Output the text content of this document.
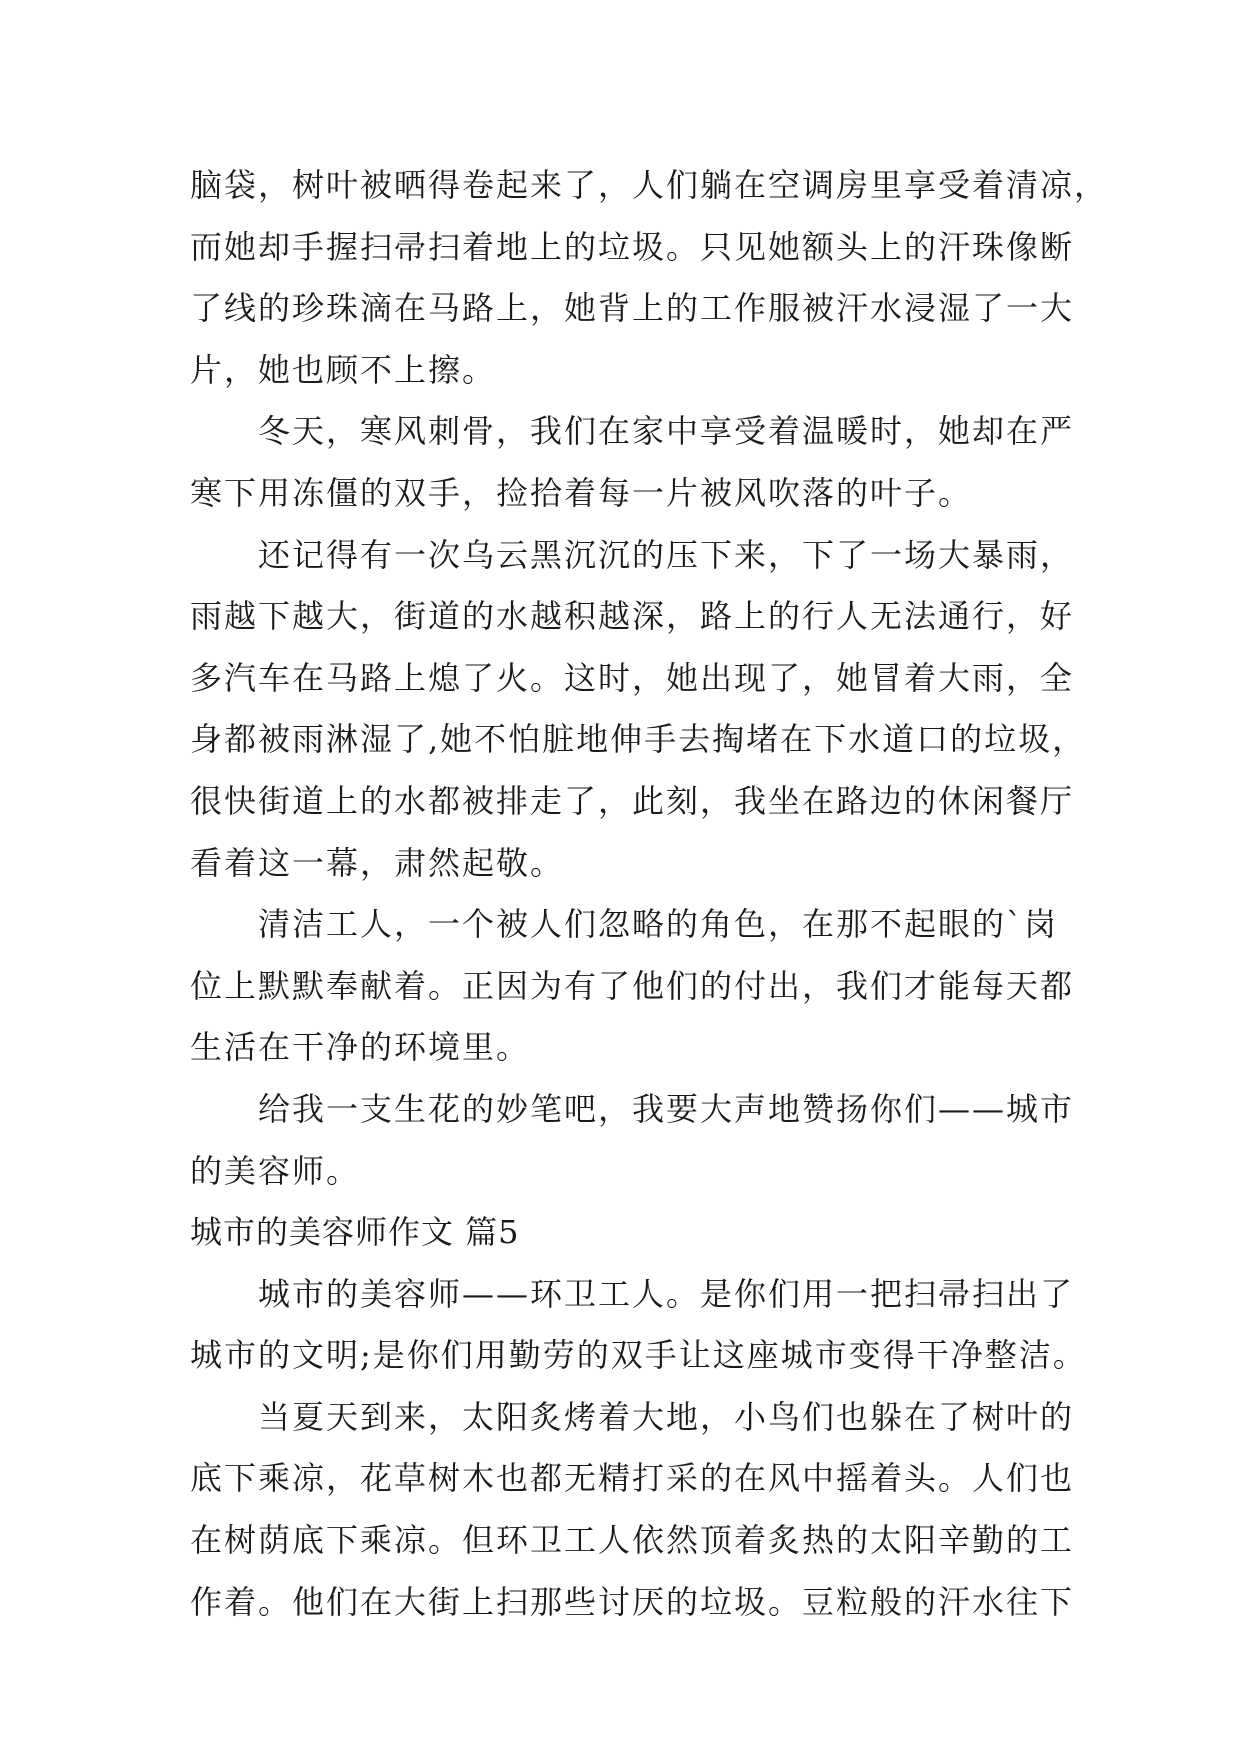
脑袋，树叶被晒得卷起来了，人们躺在空调房里享受着清凉，
而她却手握扫帚扫着地上的垃圾。只见她额头上的汗珠像断
了线的珍珠滴在马路上，她背上的工作服被汗水浸湿了一大
片，她也顾不上擦。
冬天，寒风刺骨，我们在家中享受着温暖时，她却在严
寒下用冻僵的双手，捡拾着每一片被风吹落的叶子。
还记得有一次乌云黑沉沉的压下来，下了一场大暴雨，
雨越下越大，街道的水越积越深，路上的行人无法通行，好
多汽车在马路上熄了火。这时，她出现了，她冒着大雨，全
身都被雨淋湿了,她不怕脏地伸手去掏堵在下水道口的垃圾，
很快街道上的水都被排走了，此刻，我坐在路边的休闲餐厅
看着这一幕，肃然起敬。
清洁工人，一个被人们忽略的角色，在那不起眼的`岗
位上默默奉献着。正因为有了他们的付出，我们才能每天都
生活在干净的环境里。
给我一支生花的妙笔吧，我要大声地赞扬你们——城市
的美容师。
城市的美容师作文 篇5
城市的美容师——环卫工人。是你们用一把扫帚扫出了
城市的文明;是你们用勤劳的双手让这座城市变得干净整洁。
当夏天到来，太阳炙烤着大地，小鸟们也躲在了树叶的
底下乘凉，花草树木也都无精打采的在风中摇着头。人们也
在树荫底下乘凉。但环卫工人依然顶着炙热的太阳辛勤的工
作着。他们在大街上扫那些讨厌的垃圾。豆粒般的汗水往下
